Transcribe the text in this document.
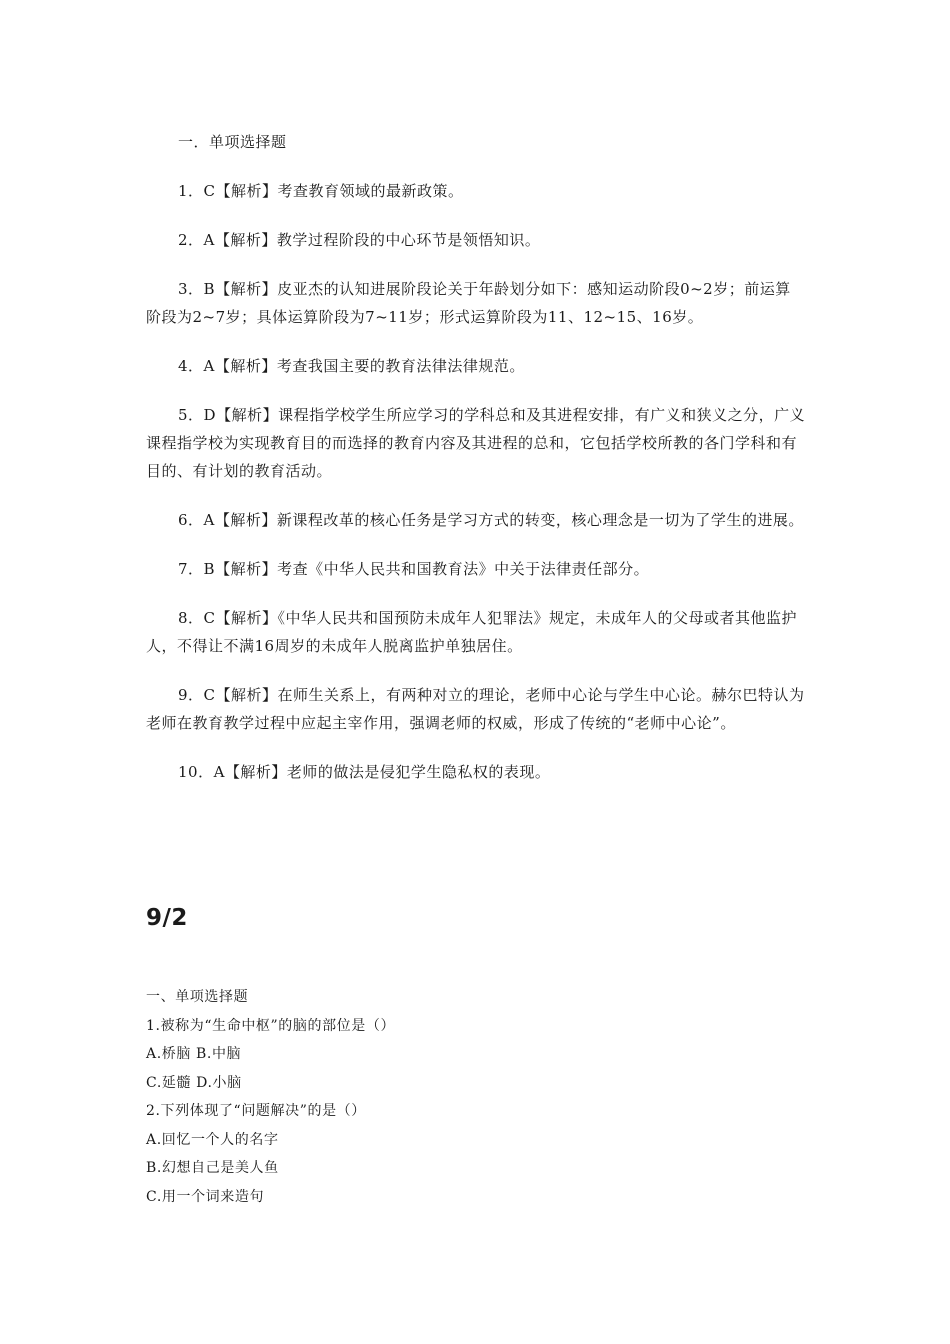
一．单项选择题

1．C【解析】考查教育领域的最新政策。

2．A【解析】教学过程阶段的中心环节是领悟知识。

3．B【解析】皮亚杰的认知进展阶段论关于年龄划分如下：感知运动阶段0~2岁；前运算阶段为2~7岁；具体运算阶段为7~11岁；形式运算阶段为11、12~15、16岁。

4．A【解析】考查我国主要的教育法律法律规范。

5．D【解析】课程指学校学生所应学习的学科总和及其进程安排，有广义和狭义之分，广义课程指学校为实现教育目的而选择的教育内容及其进程的总和，它包括学校所教的各门学科和有目的、有计划的教育活动。

6．A【解析】新课程改革的核心任务是学习方式的转变，核心理念是一切为了学生的进展。

7．B【解析】考查《中华人民共和国教育法》中关于法律责任部分。

8．C【解析】《中华人民共和国预防未成年人犯罪法》规定，未成年人的父母或者其他监护人，不得让不满16周岁的未成年人脱离监护单独居住。

9．C【解析】在师生关系上，有两种对立的理论，老师中心论与学生中心论。赫尔巴特认为老师在教育教学过程中应起主宰作用，强调老师的权威，形成了传统的“老师中心论”。

10．A【解析】老师的做法是侵犯学生隐私权的表现。

9/2

一、单项选择题

1.被称为“生命中枢”的脑的部位是（）

A.桥脑 B.中脑

C.延髓 D.小脑

2.下列体现了“问题解决”的是（）

A.回忆一个人的名字

B.幻想自己是美人鱼

C.用一个词来造句
